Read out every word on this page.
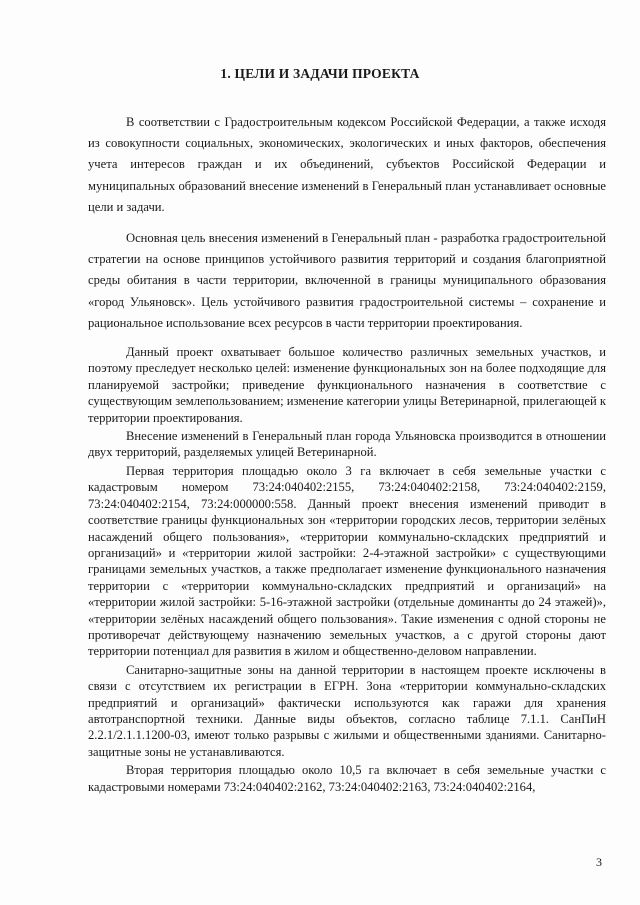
1. ЦЕЛИ И ЗАДАЧИ ПРОЕКТА

В соответствии с Градостроительным кодексом Российской Федерации, а также исходя из совокупности социальных, экономических, экологических и иных факторов, обеспечения учета интересов граждан и их объединений, субъектов Российской Федерации и муниципальных образований внесение изменений в Генеральный план устанавливает основные цели и задачи.

Основная цель внесения изменений в Генеральный план - разработка градостроительной стратегии на основе принципов устойчивого развития территорий и создания благоприятной среды обитания в части территории, включенной в границы муниципального образования «город Ульяновск». Цель устойчивого развития градостроительной системы – сохранение и рациональное использование всех ресурсов в части территории проектирования.

Данный проект охватывает большое количество различных земельных участков, и поэтому преследует несколько целей: изменение функциональных зон на более подходящие для планируемой застройки; приведение функционального назначения в соответствие с существующим землепользованием; изменение категории улицы Ветеринарной, прилегающей к территории проектирования.

Внесение изменений в Генеральный план города Ульяновска производится в отношении двух территорий, разделяемых улицей Ветеринарной.

Первая территория площадью около 3 га включает в себя земельные участки с кадастровым номером 73:24:040402:2155, 73:24:040402:2158, 73:24:040402:2159, 73:24:040402:2154, 73:24:000000:558. Данный проект внесения изменений приводит в соответствие границы функциональных зон «территории городских лесов, территории зелёных насаждений общего пользования», «территории коммунально-складских предприятий и организаций» и «территории жилой застройки: 2-4-этажной застройки» с существующими границами земельных участков, а также предполагает изменение функционального назначения территории с «территории коммунально-складских предприятий и организаций» на «территории жилой застройки: 5-16-этажной застройки (отдельные доминанты до 24 этажей)», «территории зелёных насаждений общего пользования». Такие изменения с одной стороны не противоречат действующему назначению земельных участков, а с другой стороны дают территории потенциал для развития в жилом и общественно-деловом направлении.

Санитарно-защитные зоны на данной территории в настоящем проекте исключены в связи с отсутствием их регистрации в ЕГРН. Зона «территории коммунально-складских предприятий и организаций» фактически используются как гаражи для хранения автотранспортной техники. Данные виды объектов, согласно таблице 7.1.1. СанПиН 2.2.1/2.1.1.1200-03, имеют только разрывы с жилыми и общественными зданиями. Санитарно-защитные зоны не устанавливаются.

Вторая территория площадью около 10,5 га включает в себя земельные участки с кадастровыми номерами 73:24:040402:2162, 73:24:040402:2163, 73:24:040402:2164,

3
